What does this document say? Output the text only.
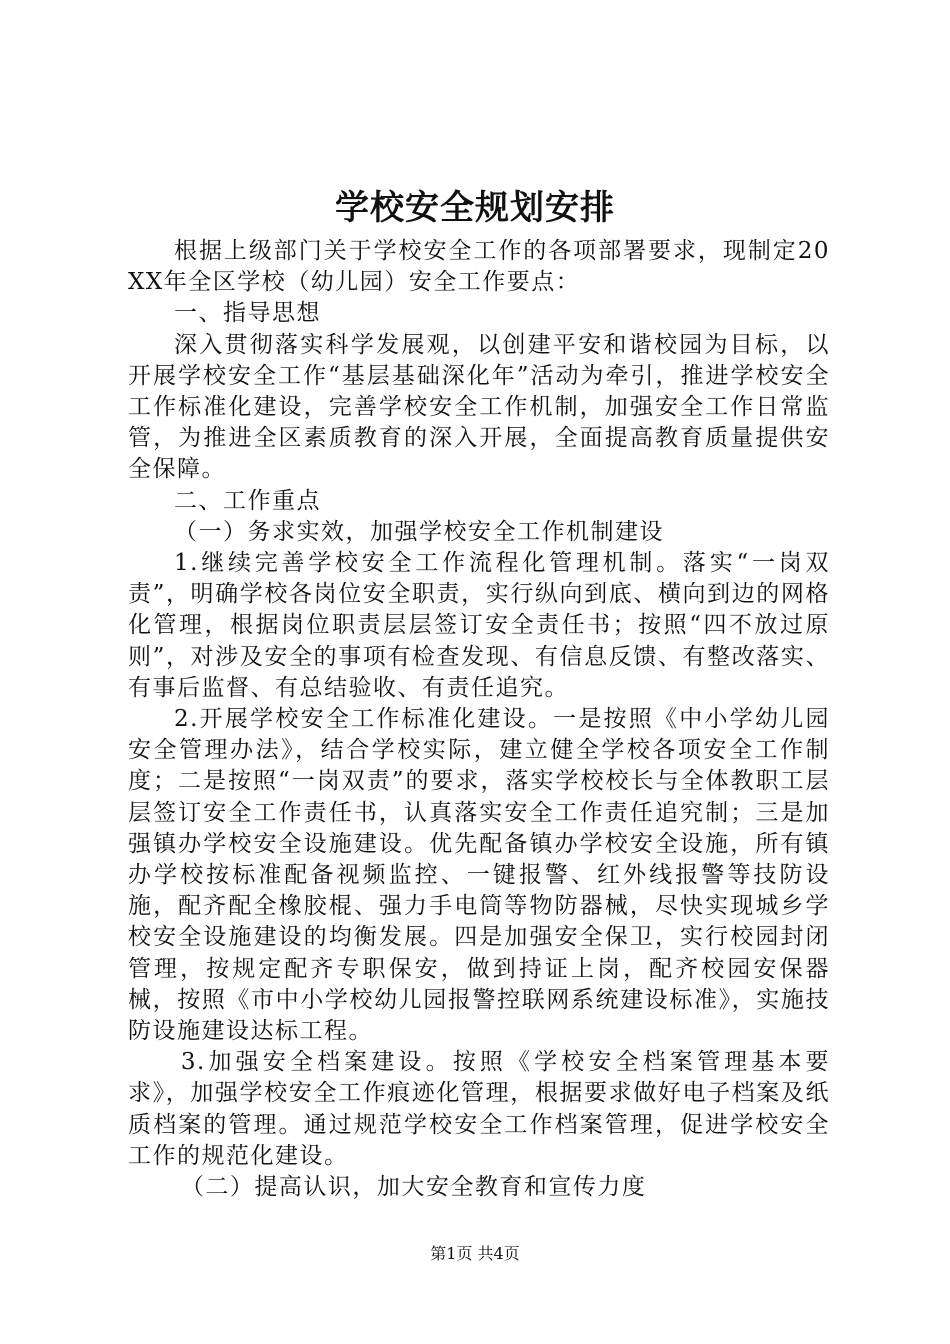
学校安全规划安排

根据上级部门关于学校安全工作的各项部署要求，现制定20XX年全区学校（幼儿园）安全工作要点：

一、指导思想

深入贯彻落实科学发展观，以创建平安和谐校园为目标，以开展学校安全工作“基层基础深化年”活动为牵引，推进学校安全工作标准化建设，完善学校安全工作机制，加强安全工作日常监管，为推进全区素质教育的深入开展，全面提高教育质量提供安全保障。

二、工作重点

（一）务求实效，加强学校安全工作机制建设

1.继续完善学校安全工作流程化管理机制。落实“一岗双责”，明确学校各岗位安全职责，实行纵向到底、横向到边的网格化管理，根据岗位职责层层签订安全责任书；按照“四不放过原则”，对涉及安全的事项有检查发现、有信息反馈、有整改落实、有事后监督、有总结验收、有责任追究。

2.开展学校安全工作标准化建设。一是按照《中小学幼儿园安全管理办法》，结合学校实际，建立健全学校各项安全工作制度；二是按照“一岗双责”的要求，落实学校校长与全体教职工层层签订安全工作责任书，认真落实安全工作责任追究制；三是加强镇办学校安全设施建设。优先配备镇办学校安全设施，所有镇办学校按标准配备视频监控、一键报警、红外线报警等技防设施，配齐配全橡胶棍、强力手电筒等物防器械，尽快实现城乡学校安全设施建设的均衡发展。四是加强安全保卫，实行校园封闭管理，按规定配齐专职保安，做到持证上岗，配齐校园安保器械，按照《市中小学校幼儿园报警控联网系统建设标准》，实施技防设施建设达标工程。

3.加强安全档案建设。按照《学校安全档案管理基本要求》，加强学校安全工作痕迹化管理，根据要求做好电子档案及纸质档案的管理。通过规范学校安全工作档案管理，促进学校安全工作的规范化建设。

（二）提高认识，加大安全教育和宣传力度

第1页 共4页
